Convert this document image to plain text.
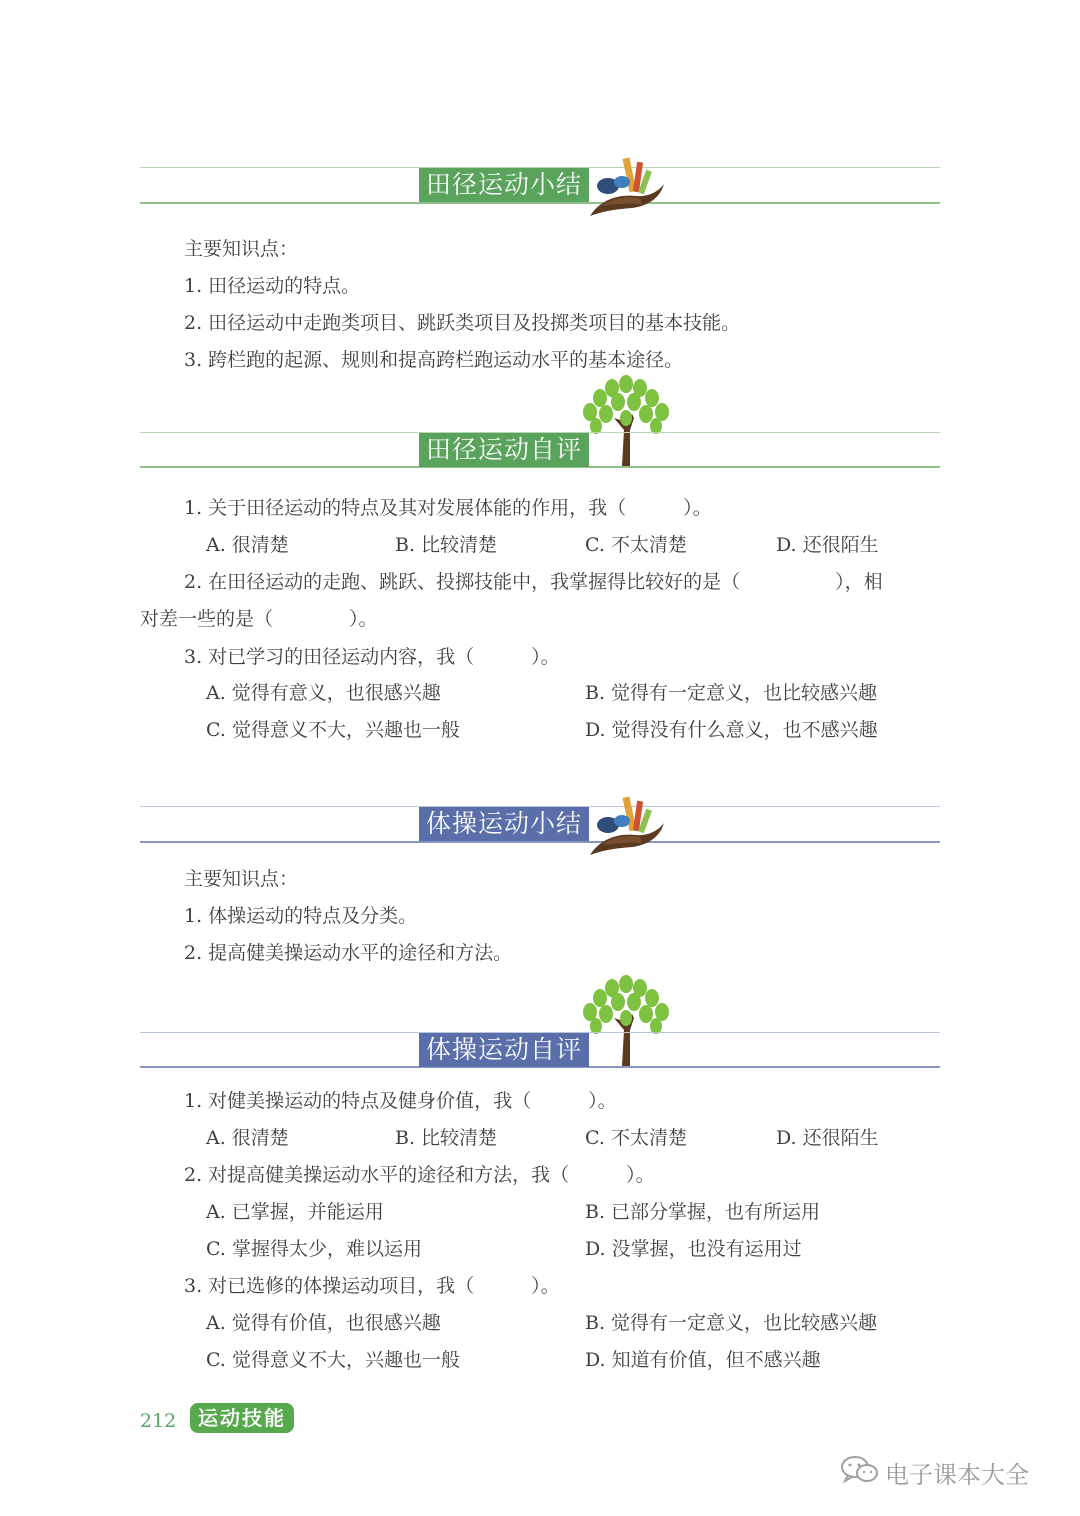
田径运动小结
主要知识点：
1. 田径运动的特点。
2. 田径运动中走跑类项目、跳跃类项目及投掷类项目的基本技能。
3. 跨栏跑的起源、规则和提高跨栏跑运动水平的基本途径。
田径运动自评
1. 关于田径运动的特点及其对发展体能的作用，我（　　　）。
A. 很清楚	B. 比较清楚	C. 不太清楚	D. 还很陌生
2. 在田径运动的走跑、跳跃、投掷技能中，我掌握得比较好的是（　　　　　），相
对差一些的是（　　　　）。
3. 对已学习的田径运动内容，我（　　　）。
A. 觉得有意义，也很感兴趣	B. 觉得有一定意义，也比较感兴趣
C. 觉得意义不大，兴趣也一般	D. 觉得没有什么意义，也不感兴趣
体操运动小结
主要知识点：
1. 体操运动的特点及分类。
2. 提高健美操运动水平的途径和方法。
体操运动自评
1. 对健美操运动的特点及健身价值，我（　　　）。
A. 很清楚	B. 比较清楚	C. 不太清楚	D. 还很陌生
2. 对提高健美操运动水平的途径和方法，我（　　　）。
A. 已掌握，并能运用	B. 已部分掌握，也有所运用
C. 掌握得太少，难以运用	D. 没掌握，也没有运用过
3. 对已选修的体操运动项目，我（　　　）。
A. 觉得有价值，也很感兴趣	B. 觉得有一定意义，也比较感兴趣
C. 觉得意义不大，兴趣也一般	D. 知道有价值，但不感兴趣
212	运动技能
电子课本大全
